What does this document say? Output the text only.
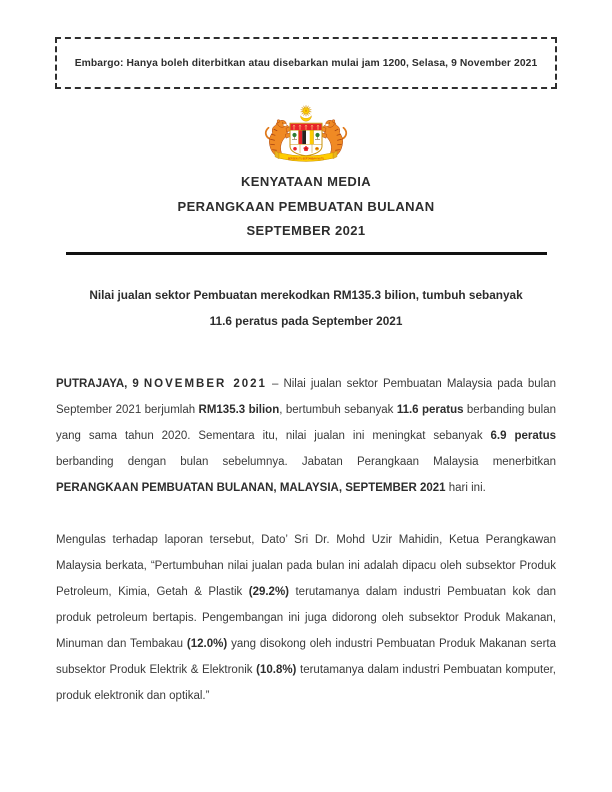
Embargo: Hanya boleh diterbitkan atau disebarkan mulai jam 1200, Selasa, 9 November 2021
BERSEKUTU BERTAMBAH MUTU
KENYATAAN MEDIA
PERANGKAAN PEMBUATAN BULANAN
SEPTEMBER 2021
Nilai jualan sektor Pembuatan merekodkan RM135.3 bilion, tumbuh sebanyak
11.6 peratus pada September 2021

PUTRAJAYA, 9 NOVEMBER 2021 – Nilai jualan sektor Pembuatan Malaysia pada bulan September 2021 berjumlah RM135.3 bilion, bertumbuh sebanyak 11.6 peratus berbanding bulan yang sama tahun 2020. Sementara itu, nilai jualan ini meningkat sebanyak 6.9 peratus berbanding dengan bulan sebelumnya. Jabatan Perangkaan Malaysia menerbitkan PERANGKAAN PEMBUATAN BULANAN, MALAYSIA, SEPTEMBER 2021 hari ini.

Mengulas terhadap laporan tersebut, Dato’ Sri Dr. Mohd Uzir Mahidin, Ketua Perangkawan Malaysia berkata, “Pertumbuhan nilai jualan pada bulan ini adalah dipacu oleh subsektor Produk Petroleum, Kimia, Getah & Plastik (29.2%) terutamanya dalam industri Pembuatan kok dan produk petroleum bertapis. Pengembangan ini juga didorong oleh subsektor Produk Makanan, Minuman dan Tembakau (12.0%) yang disokong oleh industri Pembuatan Produk Makanan serta subsektor Produk Elektrik & Elektronik (10.8%) terutamanya dalam industri Pembuatan komputer, produk elektronik dan optikal.”
